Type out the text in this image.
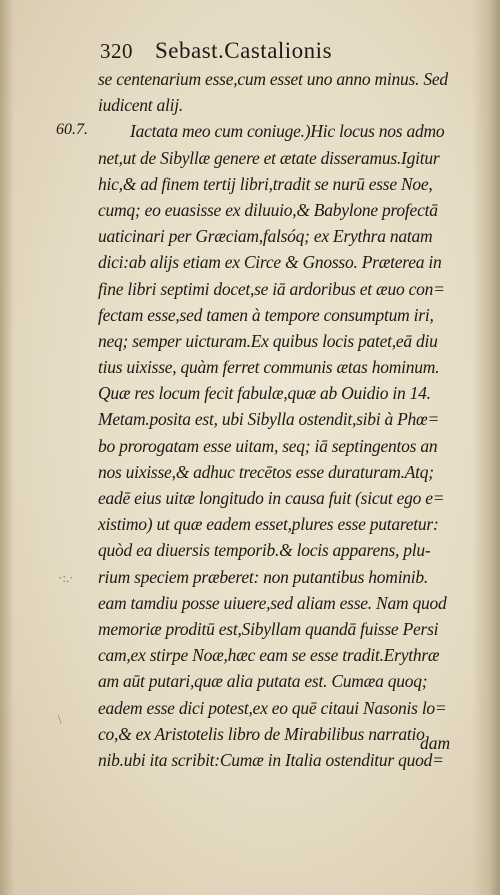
320 Sebast.Castalionis
60.7.
·:.·
\
se centenarium esse,cum esset uno anno minus. Sed
iudicent alij.
Iactata meo cum coniuge.)Hic locus nos admo
net,ut de Sibyllæ genere et ætate disseramus.Igitur
hic,& ad finem tertij libri,tradit se nurū esse Noe,
cumq; eo euasisse ex diluuio,& Babylone profectā
uaticinari per Græciam,falsóq; ex Erythra natam
dici:ab alijs etiam ex Circe & Gnosso. Præterea in
fine libri septimi docet,se iā ardoribus et æuo con=
fectam esse,sed tamen à tempore consumptum iri,
neq; semper uicturam.Ex quibus locis patet,eā diu
tius uixisse, quàm ferret communis ætas hominum.
Quæ res locum fecit fabulæ,quæ ab Ouidio in 14.
Metam.posita est, ubi Sibylla ostendit,sibi à Phœ=
bo prorogatam esse uitam, seq; iā septingentos an
nos uixisse,& adhuc trecētos esse duraturam.Atq;
eadē eius uitæ longitudo in causa fuit (sicut ego e=
xistimo) ut quæ eadem esset,plures esse putaretur:
quòd ea diuersis temporib.& locis apparens, plu-
rium speciem præberet: non putantibus hominib.
eam tamdiu posse uiuere,sed aliam esse. Nam quod
memoriæ proditū est,Sibyllam quandā fuisse Persi
cam,ex stirpe Noæ,hæc eam se esse tradit.Erythræ
am aūt putari,quæ alia putata est. Cumæa quoq;
eadem esse dici potest,ex eo quē citaui Nasonis lo=
co,& ex Aristotelis libro de Mirabilibus narratio
nib.ubi ita scribit:Cumæ in Italia ostenditur quod=
dam
